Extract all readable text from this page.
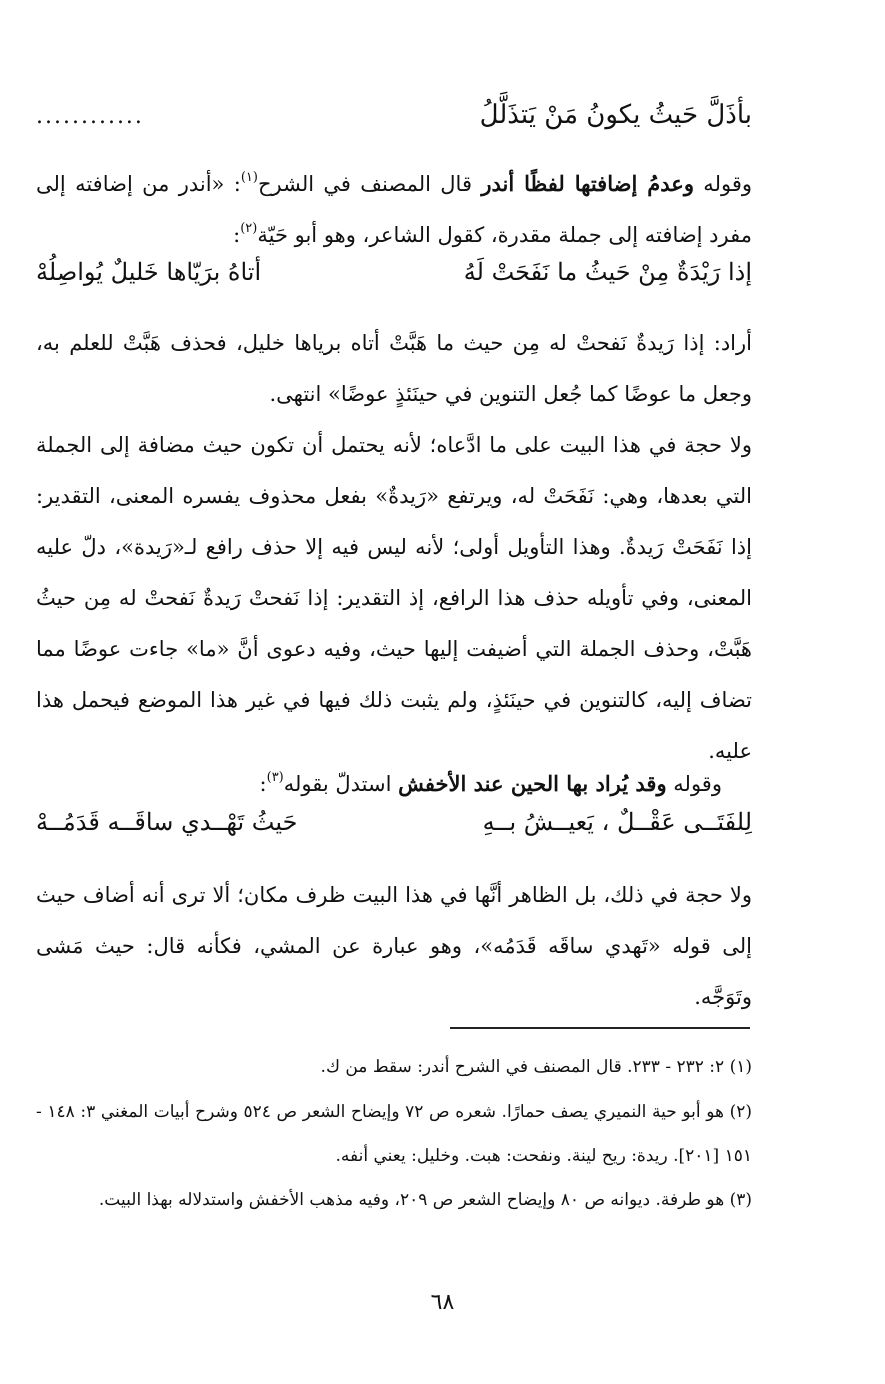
بأذَلَّ حَيثُ يكونُ مَنْ يَتذَلَّلُ
............

وقوله وعدمُ إضافتها لفظًا أندر قال المصنف في الشرح$^{(١)}$: «أندر من إضافته إلى مفرد إضافته إلى جملة مقدرة، كقول الشاعر، وهو أبو حَيّة$^{(٢)}$:

إذا رَيْدَةٌ مِنْ حَيثُ ما نَفَحَتْ لَهُ
أتاهُ برَيّاها خَليلٌ يُواصِلُهْ

أراد: إذا رَيدةٌ نَفحتْ له مِن حيث ما هَبَّتْ أتاه برياها خليل، فحذف هَبَّتْ للعلم به، وجعل ما عوضًا كما جُعل التنوين في حينَئذٍ عوضًا» انتهى.

ولا حجة في هذا البيت على ما ادَّعاه؛ لأنه يحتمل أن تكون حيث مضافة إلى الجملة التي بعدها، وهي: نَفَحَتْ له، ويرتفع «رَيدةٌ» بفعل محذوف يفسره المعنى، التقدير: إذا نَفَحَتْ رَيدةٌ. وهذا التأويل أولى؛ لأنه ليس فيه إلا حذف رافع لـ«رَيدة»، دلّ عليه المعنى، وفي تأويله حذف هذا الرافع، إذ التقدير: إذا نَفحتْ رَيدةٌ نَفحتْ له مِن حيثُ هَبَّتْ، وحذف الجملة التي أضيفت إليها حيث، وفيه دعوى أنَّ «ما» جاءت عوضًا مما تضاف إليه، كالتنوين في حينَئذٍ، ولم يثبت ذلك فيها في غير هذا الموضع فيحمل هذا عليه.

وقوله وقد يُراد بها الحين عند الأخفش استدلّ بقوله$^{(٣)}$:

لِلفَتَــى عَقْــلٌ ، يَعيــشُ بــهِ
حَيثُ تَهْــدي ساقَــه قَدَمُــهْ

ولا حجة في ذلك، بل الظاهر أنَّها في هذا البيت ظرف مكان؛ ألا ترى أنه أضاف حيث إلى قوله «تَهدي ساقَه قَدَمُه»، وهو عبارة عن المشي، فكأنه قال: حيث مَشى وتَوَجَّه.

(١) ٢: ٢٣٢ - ٢٣٣. قال المصنف في الشرح أندر: سقط من ك.

(٢) هو أبو حية النميري يصف حمارًا. شعره ص ٧٢ وإيضاح الشعر ص ٥٢٤ وشرح أبيات المغني ٣: ١٤٨ - ١٥١ [٢٠١]. ريدة: ريح لينة. ونفحت: هبت. وخليل: يعني أنفه.

(٣) هو طرفة. ديوانه ص ٨٠ وإيضاح الشعر ص ٢٠٩، وفيه مذهب الأخفش واستدلاله بهذا البيت.

٦٨
